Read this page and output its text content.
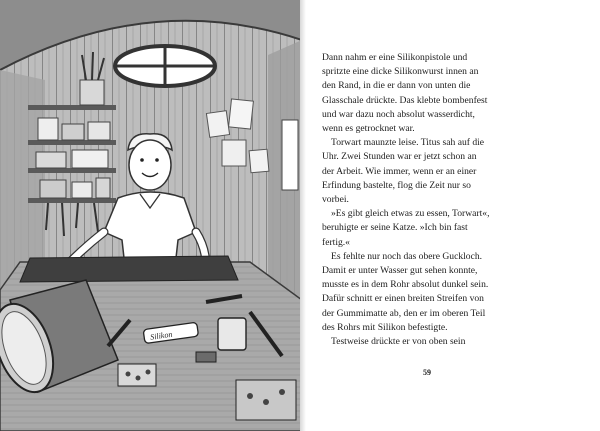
Silikon
Dann nahm er eine Silikonpistole und
spritzte eine dicke Silikonwurst innen an
den Rand, in die er dann von unten die
Glasschale drückte. Das klebte bombenfest
und war dazu noch absolut wasserdicht,
wenn es getrocknet war.
Torwart maunzte leise. Titus sah auf die
Uhr. Zwei Stunden war er jetzt schon an
der Arbeit. Wie immer, wenn er an einer
Erfindung bastelte, flog die Zeit nur so
vorbei.
»Es gibt gleich etwas zu essen, Torwart«,
beruhigte er seine Katze. »Ich bin fast
fertig.«
Es fehlte nur noch das obere Guckloch.
Damit er unter Wasser gut sehen konnte,
musste es in dem Rohr absolut dunkel sein.
Dafür schnitt er einen breiten Streifen von
der Gummimatte ab, den er im oberen Teil
des Rohrs mit Silikon befestigte.
Testweise drückte er von oben sein
59
